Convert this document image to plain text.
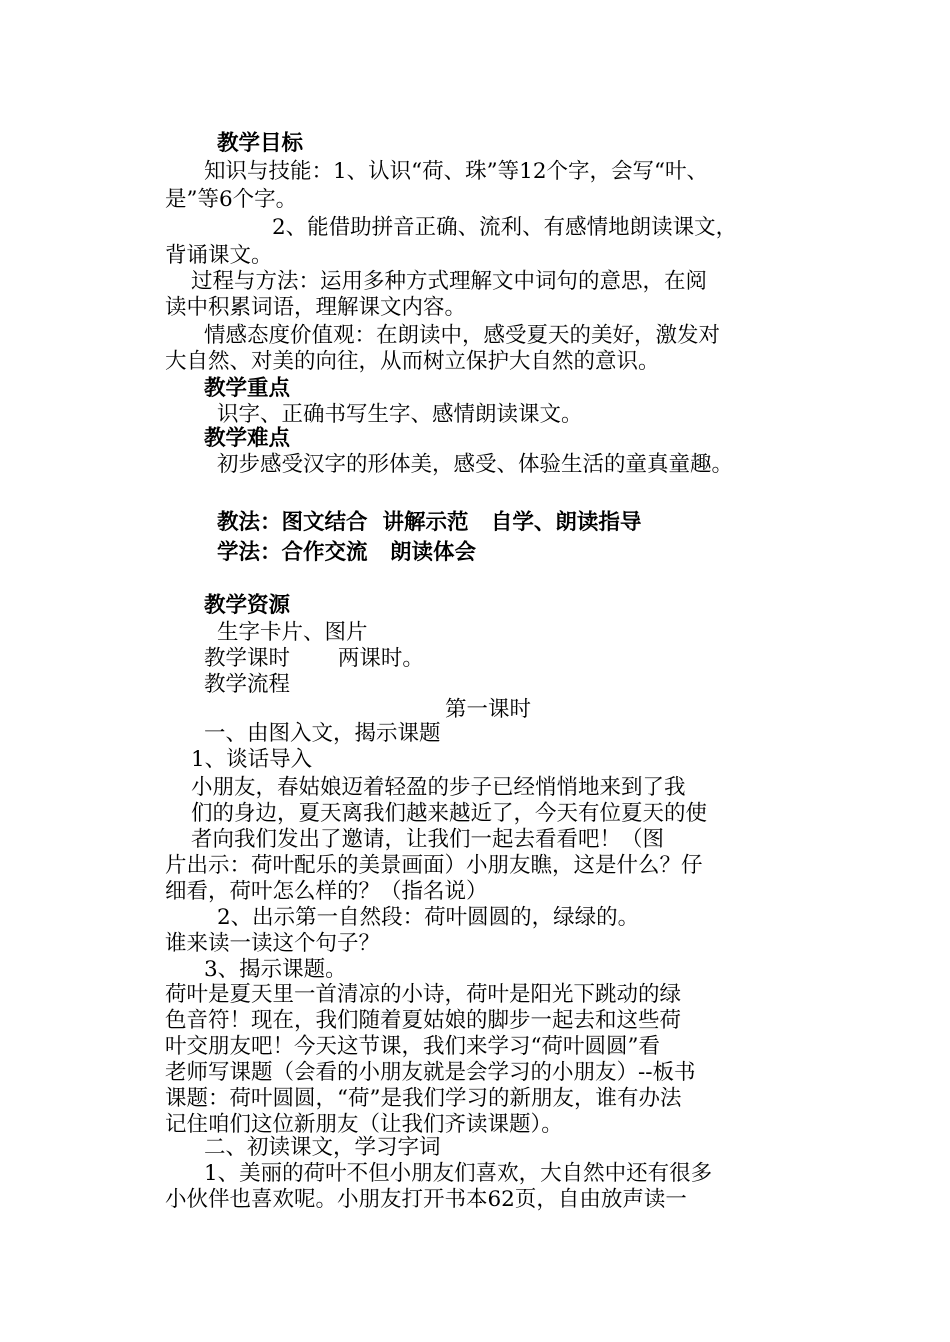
教学目标
知识与技能：1、认识“荷、珠”等12个字，会写“叶、
是”等6个字。
2、能借助拼音正确、流利、有感情地朗读课文，
背诵课文。
过程与方法：运用多种方式理解文中词句的意思，在阅
读中积累词语，理解课文内容。
情感态度价值观：在朗读中，感受夏天的美好，激发对
大自然、对美的向往，从而树立保护大自然的意识。
教学重点
识字、正确书写生字、感情朗读课文。
教学难点
初步感受汉字的形体美，感受、体验生活的童真童趣。
教法：图文结合  讲解示范   自学、朗读指导
学法：合作交流   朗读体会
教学资源
生字卡片、图片
教学课时       两课时。
教学流程
第一课时
一、由图入文，揭示课题
1、谈话导入
小朋友，春姑娘迈着轻盈的步子已经悄悄地来到了我
们的身边，夏天离我们越来越近了，今天有位夏天的使
者向我们发出了邀请，让我们一起去看看吧！（图
片出示：荷叶配乐的美景画面）小朋友瞧，这是什么？仔
细看，荷叶怎么样的？（指名说）
2、出示第一自然段：荷叶圆圆的，绿绿的。
谁来读一读这个句子？
3、揭示课题。
荷叶是夏天里一首清凉的小诗，荷叶是阳光下跳动的绿
色音符！现在，我们随着夏姑娘的脚步一起去和这些荷
叶交朋友吧！今天这节课，我们来学习“荷叶圆圆”看
老师写课题（会看的小朋友就是会学习的小朋友）--板书
课题：荷叶圆圆，“荷”是我们学习的新朋友，谁有办法
记住咱们这位新朋友（让我们齐读课题）。
二、初读课文，学习字词
1、美丽的荷叶不但小朋友们喜欢，大自然中还有很多
小伙伴也喜欢呢。小朋友打开书本62页，自由放声读一
